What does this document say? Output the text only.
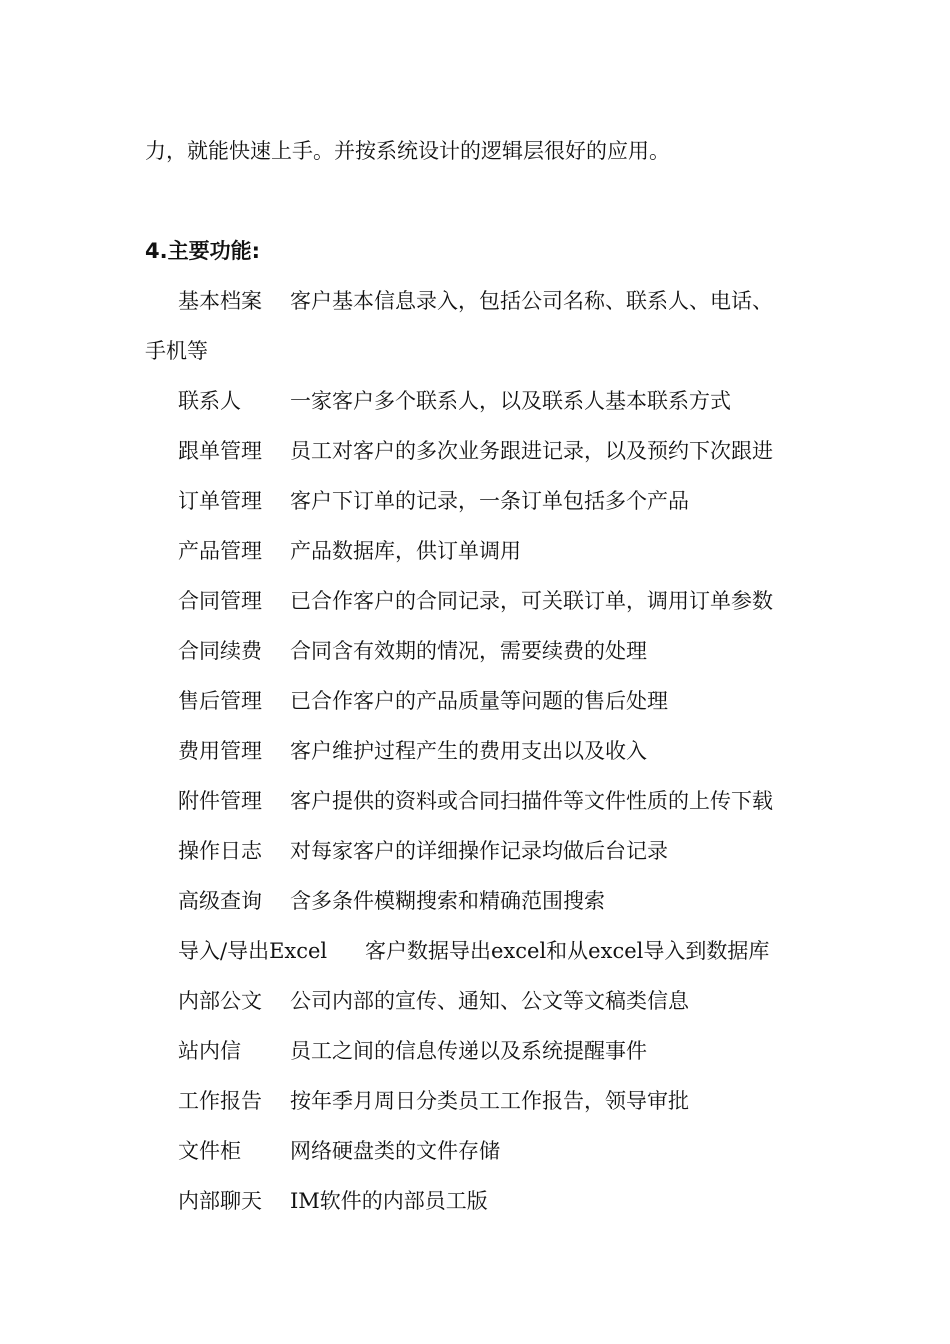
力，就能快速上手。并按系统设计的逻辑层很好的应用。
4.主要功能:
基本档案 客户基本信息录入，包括公司名称、联系人、电话、
手机等
联系人 一家客户多个联系人，以及联系人基本联系方式
跟单管理 员工对客户的多次业务跟进记录，以及预约下次跟进
订单管理 客户下订单的记录，一条订单包括多个产品
产品管理 产品数据库，供订单调用
合同管理 已合作客户的合同记录，可关联订单，调用订单参数
合同续费 合同含有效期的情况，需要续费的处理
售后管理 已合作客户的产品质量等问题的售后处理
费用管理 客户维护过程产生的费用支出以及收入
附件管理 客户提供的资料或合同扫描件等文件性质的上传下载
操作日志 对每家客户的详细操作记录均做后台记录
高级查询 含多条件模糊搜索和精确范围搜索
导入/导出Excel 客户数据导出excel和从excel导入到数据库
内部公文 公司内部的宣传、通知、公文等文稿类信息
站内信 员工之间的信息传递以及系统提醒事件
工作报告 按年季月周日分类员工工作报告，领导审批
文件柜 网络硬盘类的文件存储
内部聊天 IM软件的内部员工版
